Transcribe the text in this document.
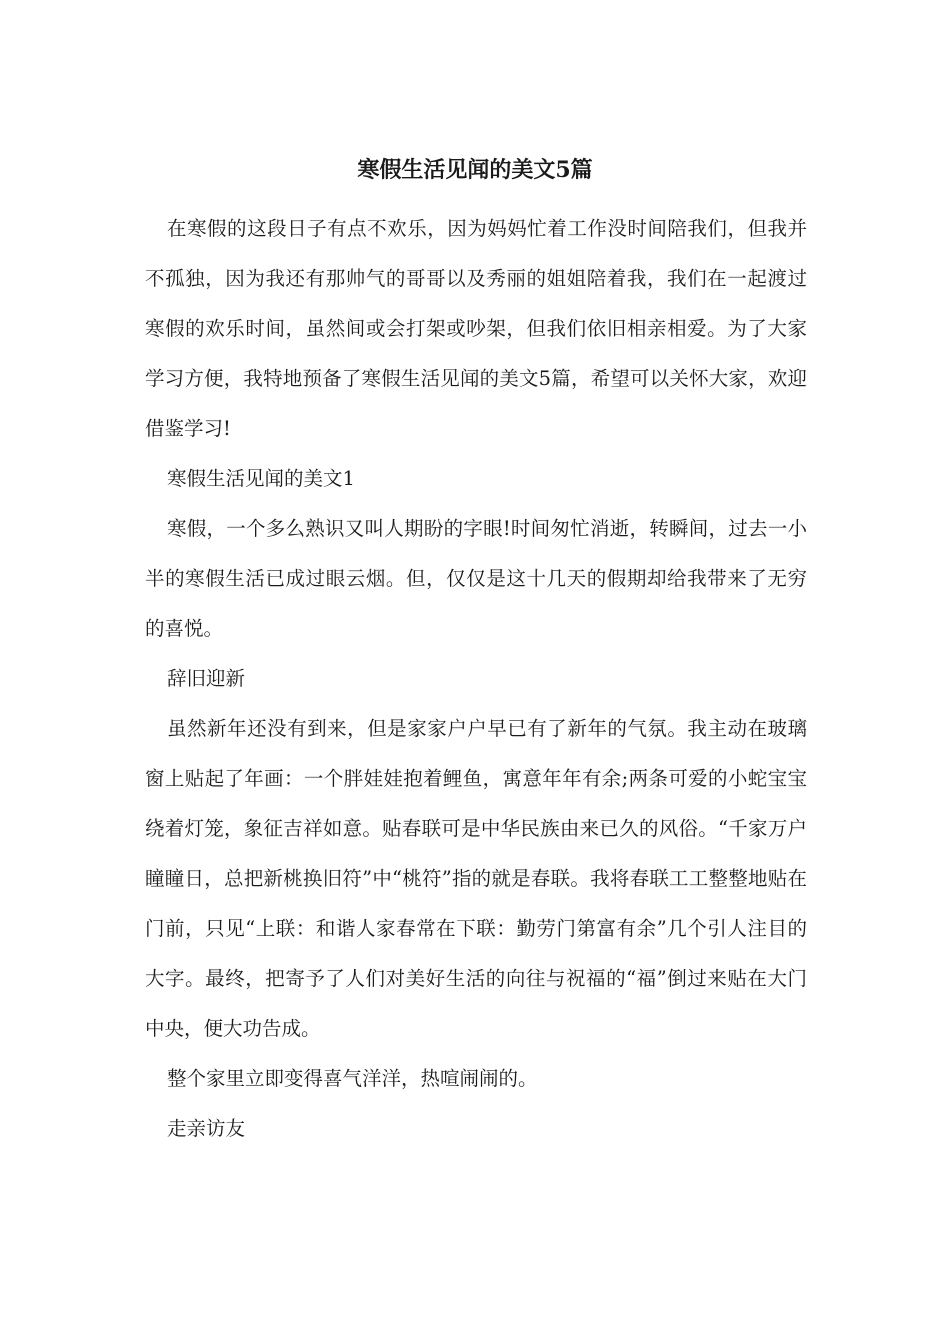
寒假生活见闻的美文5篇

在寒假的这段日子有点不欢乐，因为妈妈忙着工作没时间陪我们，但我并不孤独，因为我还有那帅气的哥哥以及秀丽的姐姐陪着我，我们在一起渡过寒假的欢乐时间，虽然间或会打架或吵架，但我们依旧相亲相爱。为了大家学习方便，我特地预备了寒假生活见闻的美文5篇，希望可以关怀大家，欢迎借鉴学习!

寒假生活见闻的美文1

寒假，一个多么熟识又叫人期盼的字眼!时间匆忙消逝，转瞬间，过去一小半的寒假生活已成过眼云烟。但，仅仅是这十几天的假期却给我带来了无穷的喜悦。

辞旧迎新

虽然新年还没有到来，但是家家户户早已有了新年的气氛。我主动在玻璃窗上贴起了年画：一个胖娃娃抱着鲤鱼，寓意年年有余;两条可爱的小蛇宝宝绕着灯笼，象征吉祥如意。贴春联可是中华民族由来已久的风俗。“千家万户瞳瞳日，总把新桃换旧符”中“桃符”指的就是春联。我将春联工工整整地贴在门前，只见“上联：和谐人家春常在下联：勤劳门第富有余”几个引人注目的大字。最终，把寄予了人们对美好生活的向往与祝福的“福”倒过来贴在大门中央，便大功告成。

整个家里立即变得喜气洋洋，热喧闹闹的。

走亲访友
